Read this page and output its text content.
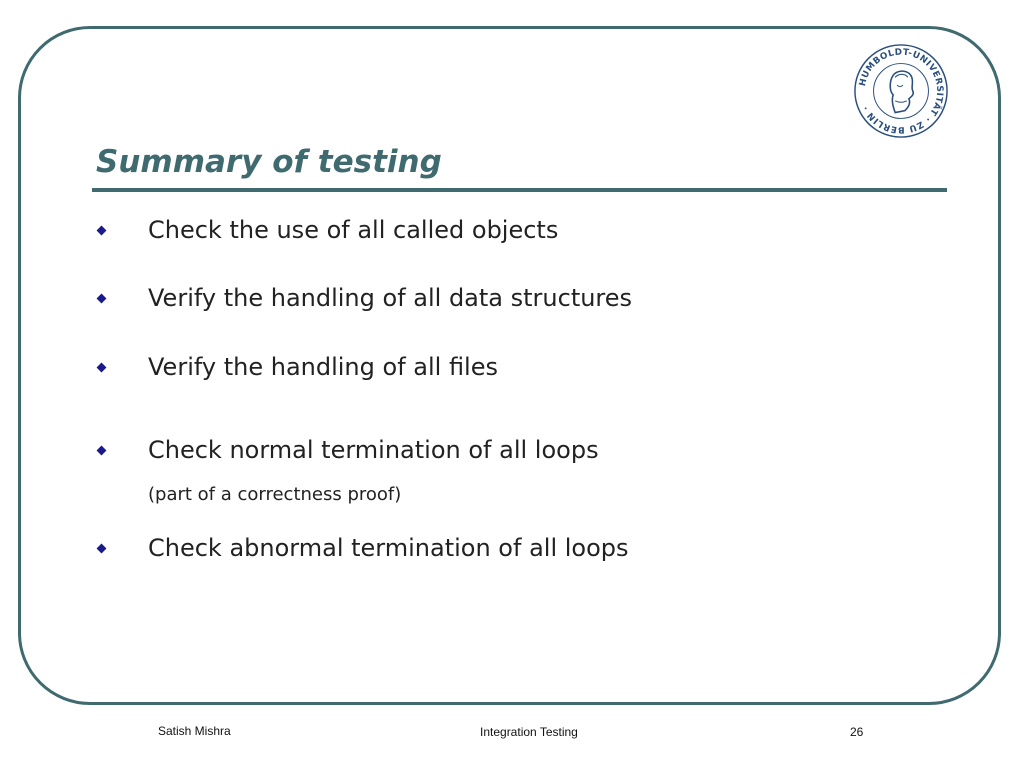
HUMBOLDT-UNIVERSITÄT · ZU BERLIN ·
Summary of testing
Check the use of all called objects
Verify the handling of all data structures
Verify the handling of all files
Check normal termination of all loops
(part of a correctness proof)
Check abnormal termination of all loops
Satish Mishra	Integration Testing	26
